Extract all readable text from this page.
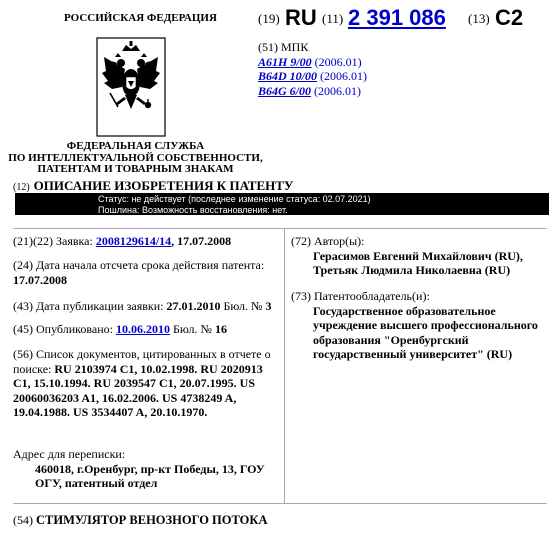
РОССИЙСКАЯ ФЕДЕРАЦИЯ
ФЕДЕРАЛЬНАЯ СЛУЖБА
ПО ИНТЕЛЛЕКТУАЛЬНОЙ СОБСТВЕННОСТИ,
ПАТЕНТАМ И ТОВАРНЫМ ЗНАКАМ
(12) ОПИСАНИЕ ИЗОБРЕТЕНИЯ К ПАТЕНТУ
(19) RU (11) 2 391 086 (13) C2
(51) МПК
A61H 9/00 (2006.01)
B64D 10/00 (2006.01)
B64G 6/00 (2006.01)
Статус: не действует (последнее изменение статуса: 02.07.2021)
Пошлина: Возможность восстановления: нет.
(21)(22) Заявка: 2008129614/14, 17.07.2008
(24) Дата начала отсчета срока действия патента:
17.07.2008
(43) Дата публикации заявки: 27.01.2010 Бюл. № 3
(45) Опубликовано: 10.06.2010 Бюл. № 16
(56) Список документов, цитированных в отчете о поиске: RU 2103974 C1, 10.02.1998. RU 2020913 C1, 15.10.1994. RU 2039547 C1, 20.07.1995. US 20060036203 A1, 16.02.2006. US 4738249 A, 19.04.1988. US 3534407 A, 20.10.1970.
Адрес для переписки:
460018, г.Оренбург, пр-кт Победы, 13, ГОУ ОГУ, патентный отдел
(72) Автор(ы):
Герасимов Евгений Михайлович (RU),
Третьяк Людмила Николаевна (RU)
(73) Патентообладатель(и):
Государственное образовательное учреждение высшего профессионального образования "Оренбургский государственный университет" (RU)
(54) СТИМУЛЯТОР ВЕНОЗНОГО ПОТОКА
